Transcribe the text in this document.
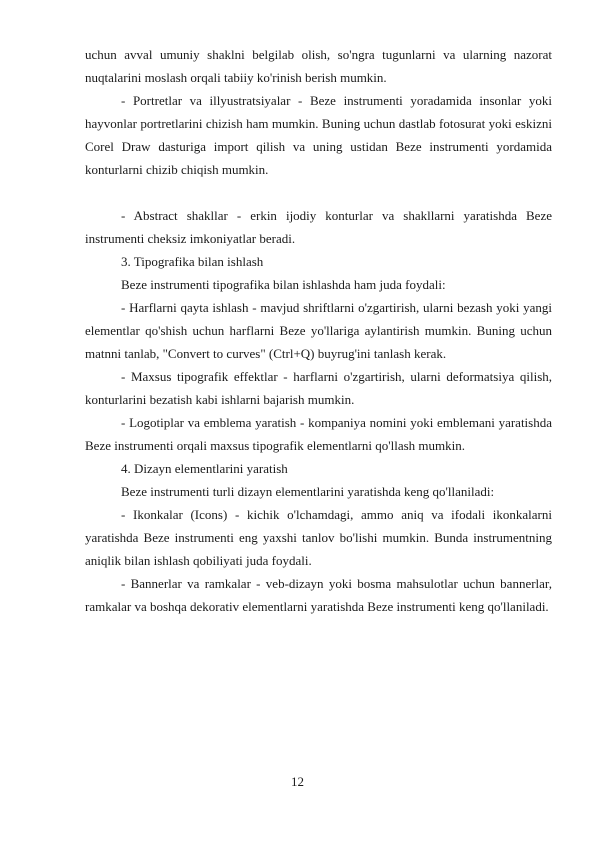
uchun avval umuniy shaklni belgilab olish, so'ngra tugunlarni va ularning nazorat nuqtalarini moslash orqali tabiiy ko'rinish berish mumkin.

- Portretlar va illyustratsiyalar - Beze instrumenti yoradamida insonlar yoki hayvonlar portretlarini chizish ham mumkin. Buning uchun dastlab fotosurat yoki eskizni Corel Draw dasturiga import qilish va uning ustidan Beze instrumenti yordamida konturlarni chizib chiqish mumkin.

- Abstract shakllar - erkin ijodiy konturlar va shakllarni yaratishda Beze instrumenti cheksiz imkoniyatlar beradi.

3. Tipografika bilan ishlash

Beze instrumenti tipografika bilan ishlashda ham juda foydali:

- Harflarni qayta ishlash - mavjud shriftlarni o'zgartirish, ularni bezash yoki yangi elementlar qo'shish uchun harflarni Beze yo'llariga aylantirish mumkin. Buning uchun matnni tanlab, "Convert to curves" (Ctrl+Q) buyrug'ini tanlash kerak.

- Maxsus tipografik effektlar - harflarni o'zgartirish, ularni deformatsiya qilish, konturlarini bezatish kabi ishlarni bajarish mumkin.

- Logotiplar va emblema yaratish - kompaniya nomini yoki emblemani yaratishda Beze instrumenti orqali maxsus tipografik elementlarni qo'llash mumkin.

4. Dizayn elementlarini yaratish

Beze instrumenti turli dizayn elementlarini yaratishda keng qo'llaniladi:

- Ikonkalar (Icons) - kichik o'lchamdagi, ammo aniq va ifodali ikonkalarni yaratishda Beze instrumenti eng yaxshi tanlov bo'lishi mumkin. Bunda instrumentning aniqlik bilan ishlash qobiliyati juda foydali.

- Bannerlar va ramkalar - veb-dizayn yoki bosma mahsulotlar uchun bannerlar, ramkalar va boshqa dekorativ elementlarni yaratishda Beze instrumenti keng qo'llaniladi.

12
